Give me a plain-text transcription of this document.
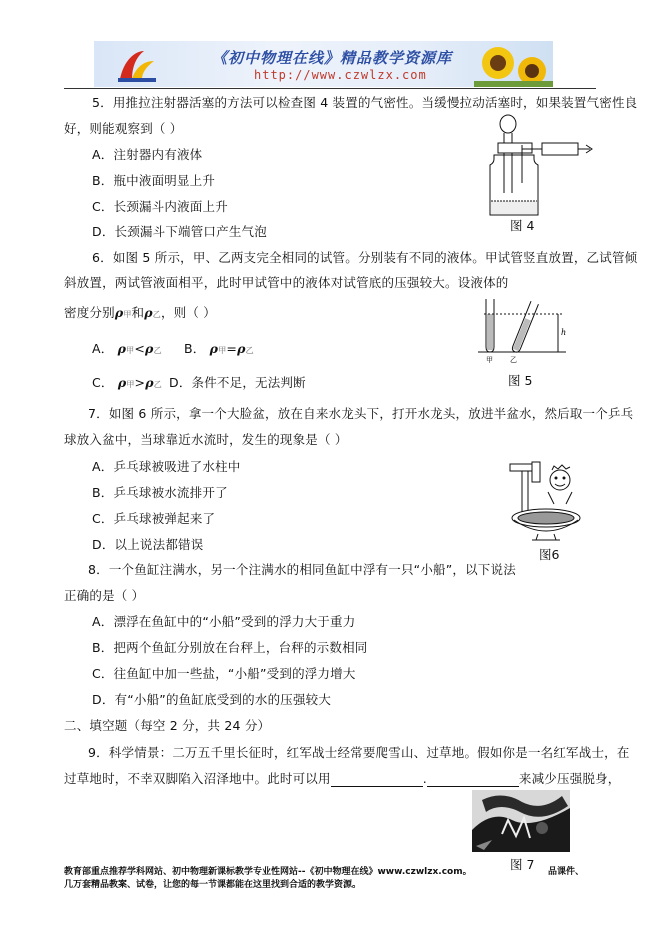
《初中物理在线》精品教学资源库
http://www.czwlzx.com
5．用推拉注射器活塞的方法可以检查图 4 装置的气密性。当缓慢拉动活塞时，如果装置气密性良
好，则能观察到（ ）
A．注射器内有液体
B．瓶中液面明显上升
C．长颈漏斗内液面上升
D．长颈漏斗下端管口产生气泡	图 4
6．如图 5 所示，甲、乙两支完全相同的试管。分别装有不同的液体。甲试管竖直放置，乙试管倾
斜放置，两试管液面相平，此时甲试管中的液体对试管底的压强较大。设液体的
密度分别ρ甲和ρ乙，则（ ）
A． ρ甲<ρ乙 B． ρ甲=ρ乙
C． ρ甲>ρ乙 D．条件不足，无法判断
h
甲 乙
图 5
7．如图 6 所示，拿一个大脸盆，放在自来水龙头下，打开水龙头，放进半盆水，然后取一个乒乓
球放入盆中，当球靠近水流时，发生的现象是（ ）
A．乒乓球被吸进了水柱中
B．乒乓球被水流排开了
C．乒乓球被弹起来了
D．以上说法都错误
图6
8．一个鱼缸注满水，另一个注满水的相同鱼缸中浮有一只“小船”，以下说法
正确的是（ ）
A．漂浮在鱼缸中的“小船”受到的浮力大于重力
B．把两个鱼缸分别放在台秤上，台秤的示数相同
C．往鱼缸中加一些盐，“小船”受到的浮力增大
D．有“小船”的鱼缸底受到的水的压强较大
二、填空题（每空 2 分，共 24 分）
9．科学情景：二万五千里长征时，红军战士经常要爬雪山、过草地。假如你是一名红军战士，在
过草地时，不幸双脚陷入沼泽地中。此时可以用	.	来减少压强脱身，
图 7
教育部重点推荐学科网站、初中物理新课标教学专业性网站--《初中物理在线》www.czwlzx.com。	品课件、
几万套精品教案、试卷，让您的每一节课都能在这里找到合适的教学资源。
